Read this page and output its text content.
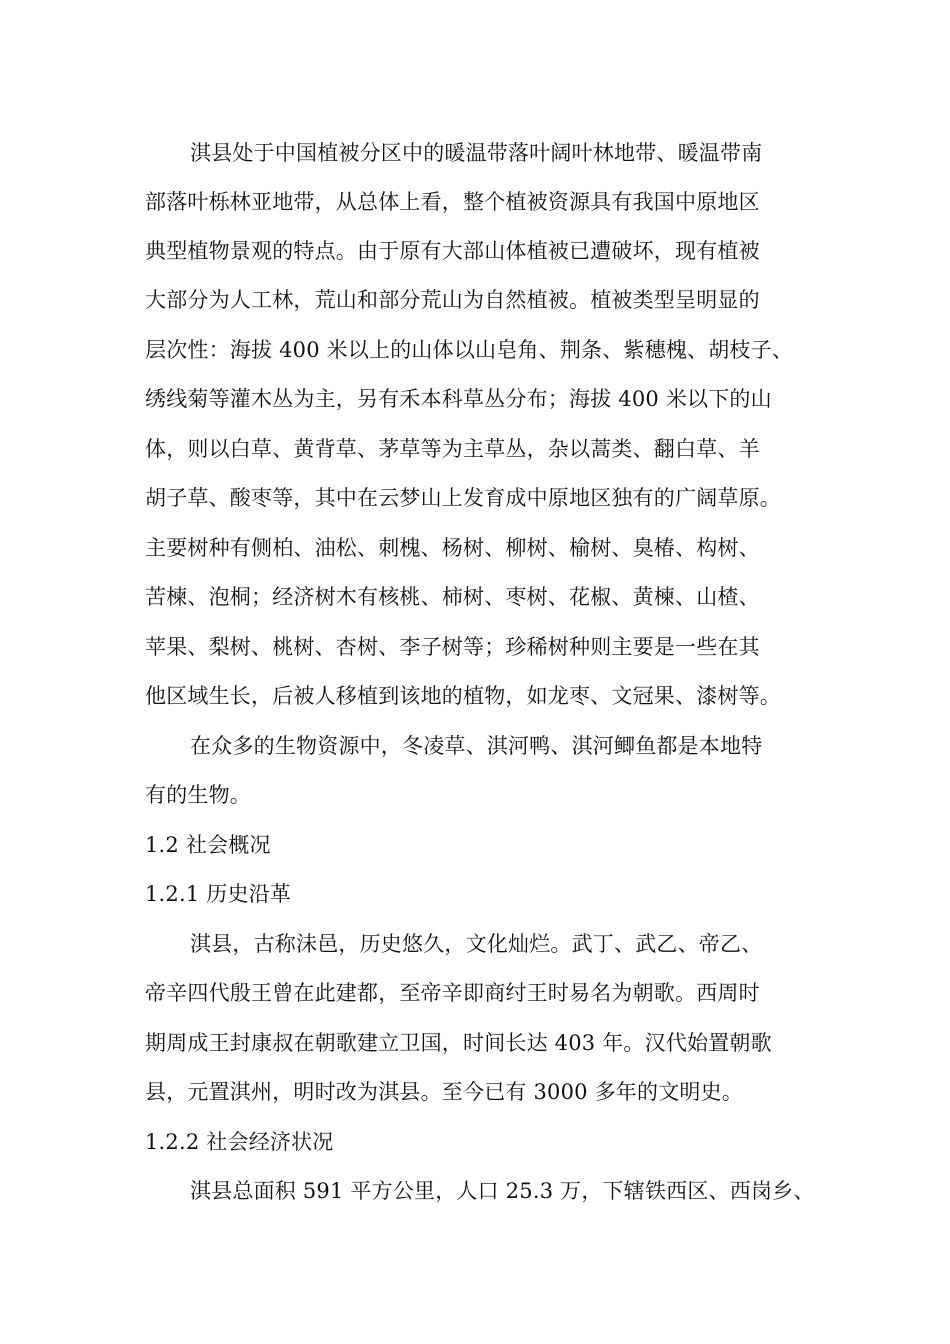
淇县处于中国植被分区中的暖温带落叶阔叶林地带、暖温带南
部落叶栎林亚地带，从总体上看，整个植被资源具有我国中原地区
典型植物景观的特点。由于原有大部山体植被已遭破坏，现有植被
大部分为人工林，荒山和部分荒山为自然植被。植被类型呈明显的
层次性：海拔 400 米以上的山体以山皂角、荆条、紫穗槐、胡枝子、
绣线菊等灌木丛为主，另有禾本科草丛分布；海拔 400 米以下的山
体，则以白草、黄背草、茅草等为主草丛，杂以蒿类、翻白草、羊
胡子草、酸枣等，其中在云梦山上发育成中原地区独有的广阔草原。
主要树种有侧柏、油松、刺槐、杨树、柳树、榆树、臭椿、构树、
苦楝、泡桐；经济树木有核桃、柿树、枣树、花椒、黄楝、山楂、
苹果、梨树、桃树、杏树、李子树等；珍稀树种则主要是一些在其
他区域生长，后被人移植到该地的植物，如龙枣、文冠果、漆树等。
在众多的生物资源中，冬凌草、淇河鸭、淇河鲫鱼都是本地特
有的生物。
1.2 社会概况
1.2.1 历史沿革
淇县，古称沬邑，历史悠久，文化灿烂。武丁、武乙、帝乙、
帝辛四代殷王曾在此建都，至帝辛即商纣王时易名为朝歌。西周时
期周成王封康叔在朝歌建立卫国，时间长达 403 年。汉代始置朝歌
县，元置淇州，明时改为淇县。至今已有 3000 多年的文明史。
1.2.2 社会经济状况
淇县总面积 591 平方公里，人口 25.3 万，下辖铁西区、西岗乡、
